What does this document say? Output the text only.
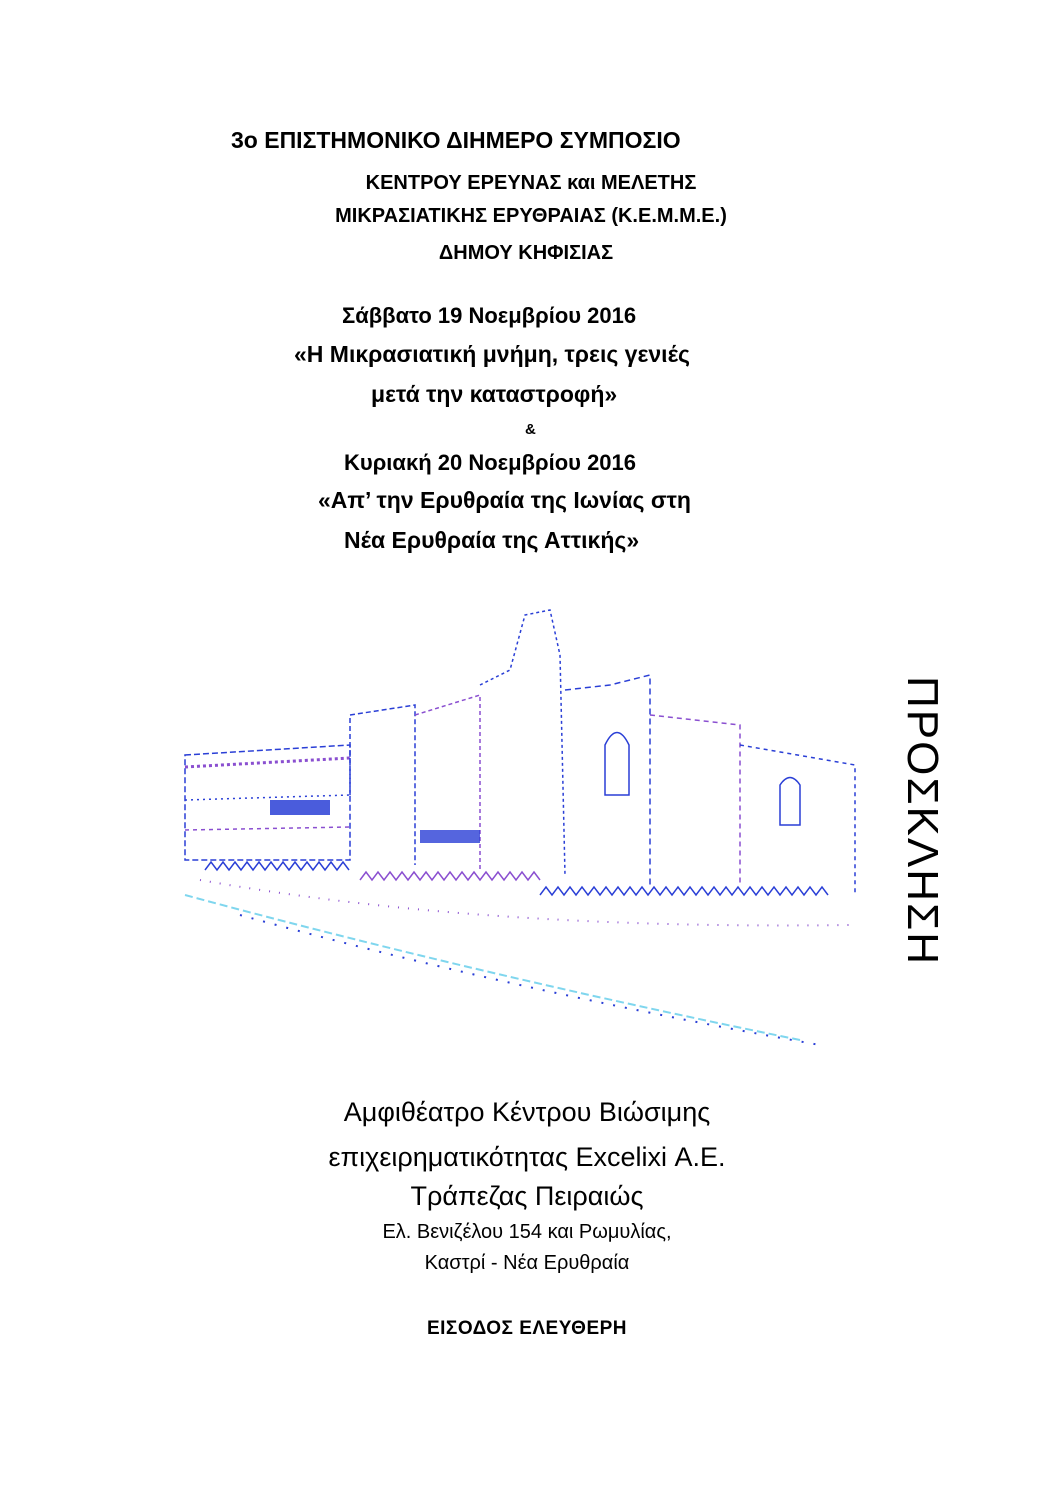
3ο ΕΠΙΣΤΗΜΟΝΙΚΟ ΔΙΗΜΕΡΟ ΣΥΜΠΟΣΙΟ
ΚΕΝΤΡΟΥ ΕΡΕΥΝΑΣ και ΜΕΛΕΤΗΣ
ΜΙΚΡΑΣΙΑΤΙΚΗΣ ΕΡΥΘΡΑΙΑΣ (Κ.Ε.Μ.Μ.Ε.)
ΔΗΜΟΥ ΚΗΦΙΣΙΑΣ
Σάββατο 19 Νοεμβρίου 2016
«Η Μικρασιατική μνήμη, τρεις γενιές
μετά την καταστροφή»
&
Κυριακή 20 Νοεμβρίου 2016
«Απ’ την Ερυθραία της Ιωνίας στη
Νέα Ερυθραία της Αττικής»
ΠΡΟΣΚΛΗΣΗ
Αμφιθέατρο Κέντρου Βιώσιμης
επιχειρηματικότητας Excelixi Α.Ε.
Τράπεζας Πειραιώς
Ελ. Βενιζέλου 154 και Ρωμυλίας,
Καστρί - Νέα Ερυθραία
ΕΙΣΟΔΟΣ ΕΛΕΥΘΕΡΗ
